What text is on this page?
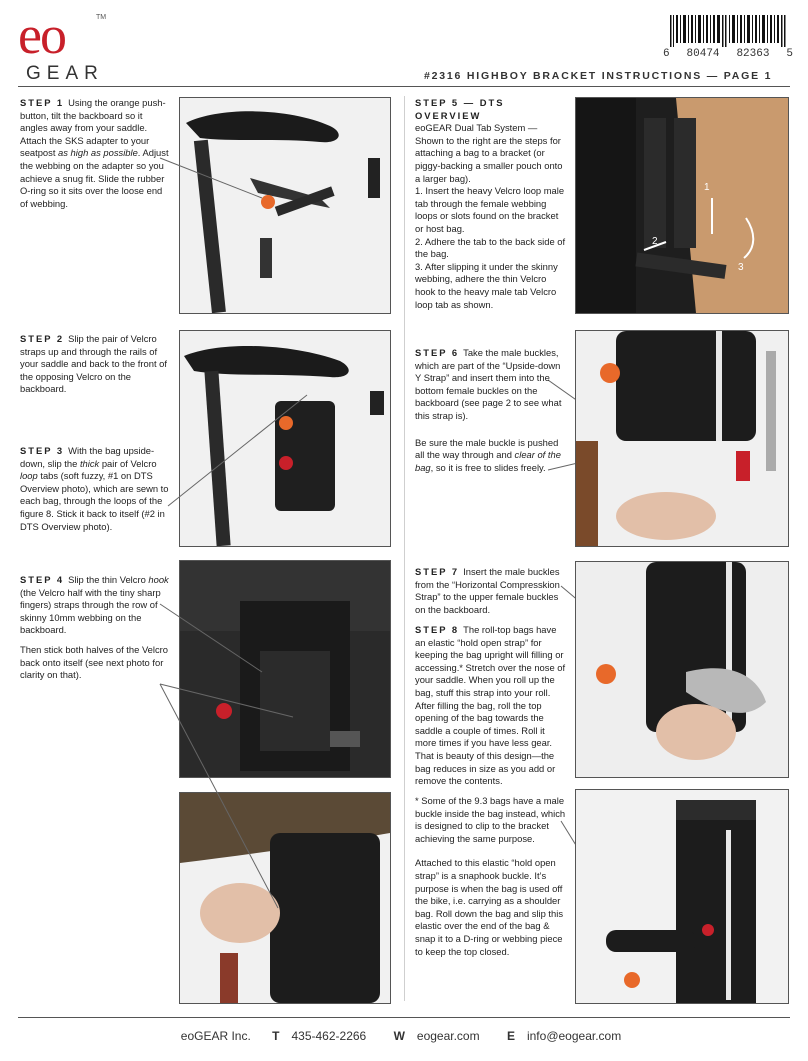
eo	TM
GEAR
6 80474 82363 5
#2316 HIGHBOY BRACKET INSTRUCTIONS — PAGE 1
STEP 1 Using the orange push-button, tilt the backboard so it angles away from your saddle. Attach the SKS adapter to your seatpost as high as possible. Adjust the webbing on the adapter so you achieve a snug fit. Slide the rubber O-ring so it sits over the loose end of webbing.
STEP 2 Slip the pair of Velcro straps up and through the rails of your saddle and back to the front of the opposing Velcro on the backboard.
STEP 3 With the bag upside-down, slip the thick pair of Velcro loop tabs (soft fuzzy, #1 on DTS Overview photo), which are sewn to each bag, through the loops of the figure 8. Stick it back to itself (#2 in DTS Overview photo).

STEP 4 Slip the thin Velcro hook (the Velcro half with the tiny sharp fingers) straps through the row of skinny 10mm webbing on the backboard.

Then stick both halves of the Velcro back onto itself (see next photo for clarity on that).

STEP 5 — DTS OVERVIEW

eoGEAR Dual Tab System — Shown to the right are the steps for attaching a bag to a bracket (or piggy-backing a smaller pouch onto a larger bag).

1. Insert the heavy Velcro loop male tab through the female webbing loops or slots found on the bracket or host bag.

2. Adhere the tab to the back side of the bag.

3. After slipping it under the skinny webbing, adhere the thin Velcro hook to the heavy male tab Velcro loop tab as shown.

STEP 6 Take the male buckles, which are part of the “Upside-down Y Strap” and insert them into the bottom female buckles on the backboard (see page 2 to see what this strap is).

Be sure the male buckle is pushed all the way through and clear of the bag, so it is free to slides freely.

STEP 7 Insert the male buckles from the “Horizontal Compresskion Strap” to the upper female buckles on the backboard.
STEP 8 The roll-top bags have an elastic “hold open strap” for keeping the bag upright will filling or accessing.* Stretch over the nose of your saddle. When you roll up the bag, stuff this strap into your roll. After filling the bag, roll the top opening of the bag towards the saddle a couple of times. Roll it more times if you have less gear. That is beauty of this design—the bag reduces in size as you add or remove the contents.

* Some of the 9.3 bags have a male buckle inside the bag instead, which is designed to clip to the bracket achieving the same purpose.

Attached to this elastic “hold open strap” is a snaphook buckle. It’s purpose is when the bag is used off the bike, i.e. carrying as a shoulder bag. Roll down the bag and slip this elastic over the end of the bag & snap it to a D-ring or webbing piece to keep the top closed.

1
2
3
eoGEAR Inc. T 435-462-2266 W eogear.com E info@eogear.com
